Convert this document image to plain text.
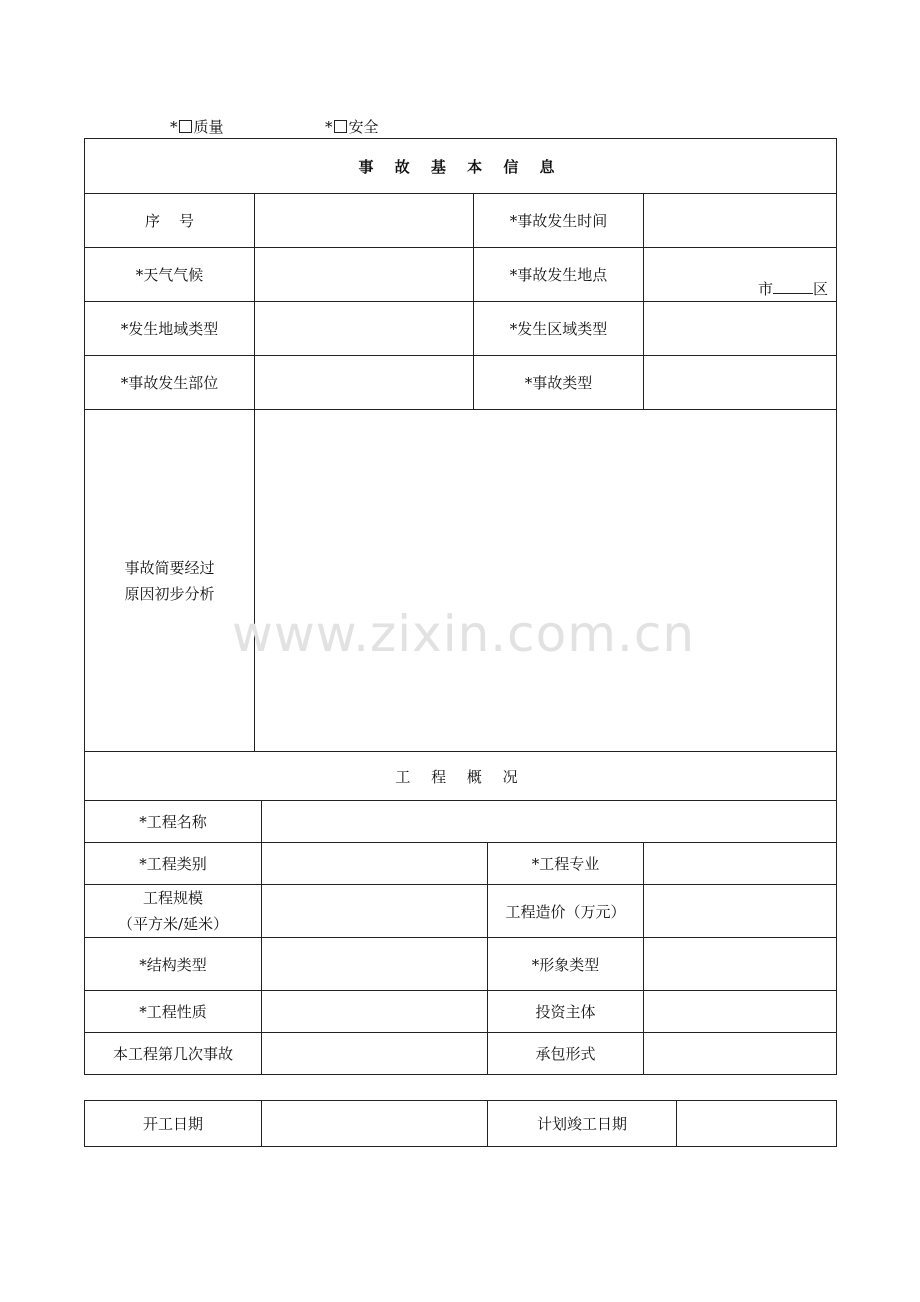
* 质量	* 安全
事 故 基 本 信 息					
序    号			*事故发生时间		
*天气气候			*事故发生地点		市 区

*发生地域类型			*发生区域类型		
*事故发生部位			*事故类型		

事故简要经过
原因初步分析					

工 程 概 况					
*工程名称					
*工程类别				*工程专业	

工程规模
（平方米/延米）				工程造价（万元）	
*结构类型				*形象类型	
*工程性质				投资主体	
本工程第几次事故				承包形式	
开工日期		计划竣工日期	
www.zixin.com.cn
